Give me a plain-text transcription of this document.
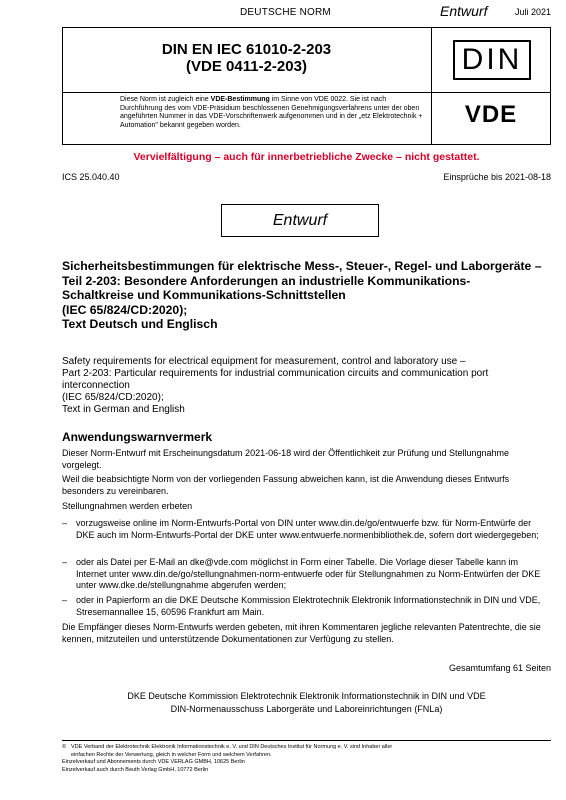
DEUTSCHE NORM	Entwurf	Juli 2021
DIN EN IEC 61010-2-203
(VDE 0411-2-203)	DIN
Diese Norm ist zugleich eine VDE-Bestimmung im Sinne von VDE 0022. Sie ist nach Durchführung des vom VDE-Präsidium beschlossenen Genehmigungsverfahrens unter der oben angeführten Nummer in das VDE-Vorschriftenwerk aufgenommen und in der „etz Elektrotechnik + Automation" bekannt gegeben worden.	VDE
Vervielfältigung – auch für innerbetriebliche Zwecke – nicht gestattet.
ICS 25.040.40	Einsprüche bis 2021-08-18
Entwurf
Sicherheitsbestimmungen für elektrische Mess-, Steuer-, Regel- und Laborgeräte –
Teil 2-203: Besondere Anforderungen an industrielle Kommunikations-Schaltkreise und Kommunikations-Schnittstellen
(IEC 65/824/CD:2020);
Text Deutsch und Englisch
Safety requirements for electrical equipment for measurement, control and laboratory use –
Part 2-203: Particular requirements for industrial communication circuits and communication port interconnection
(IEC 65/824/CD:2020);
Text in German and English
Anwendungswarnvermerk
Dieser Norm-Entwurf mit Erscheinungsdatum 2021-06-18 wird der Öffentlichkeit zur Prüfung und Stellungnahme vorgelegt.
Weil die beabsichtigte Norm von der vorliegenden Fassung abweichen kann, ist die Anwendung dieses Entwurfs besonders zu vereinbaren.
Stellungnahmen werden erbeten
– vorzugsweise online im Norm-Entwurfs-Portal von DIN unter www.din.de/go/entwuerfe bzw. für Norm-Entwürfe der DKE auch im Norm-Entwurfs-Portal der DKE unter www.entwuerfe.normenbibliothek.de, sofern dort wiedergegeben;
– oder als Datei per E-Mail an dke@vde.com möglichst in Form einer Tabelle. Die Vorlage dieser Tabelle kann im Internet unter www.din.de/go/stellungnahmen-norm-entwuerfe oder für Stellungnahmen zu Norm-Entwürfen der DKE unter www.dke.de/stellungnahme abgerufen werden;
– oder in Papierform an die DKE Deutsche Kommission Elektrotechnik Elektronik Informationstechnik in DIN und VDE, Stresemannallee 15, 60596 Frankfurt am Main.
Die Empfänger dieses Norm-Entwurfs werden gebeten, mit ihren Kommentaren jegliche relevanten Patentrechte, die sie kennen, mitzuteilen und unterstützende Dokumentationen zur Verfügung zu stellen.
Gesamtumfang 61 Seiten
DKE Deutsche Kommission Elektrotechnik Elektronik Informationstechnik in DIN und VDE
DIN-Normenausschuss Laborgeräte und Laboreinrichtungen (FNLa)
© VDE Verband der Elektrotechnik Elektronik Informationstechnik e. V. und DIN Deutsches Institut für Normung e. V. sind Inhaber aller
einfachen Rechte der Verwertung, gleich in welcher Form und welchem Verfahren.
Einzelverkauf und Abonnements durch VDE VERLAG GMBH, 10625 Berlin
Einzelverkauf auch durch Beuth Verlag GmbH, 10772 Berlin
